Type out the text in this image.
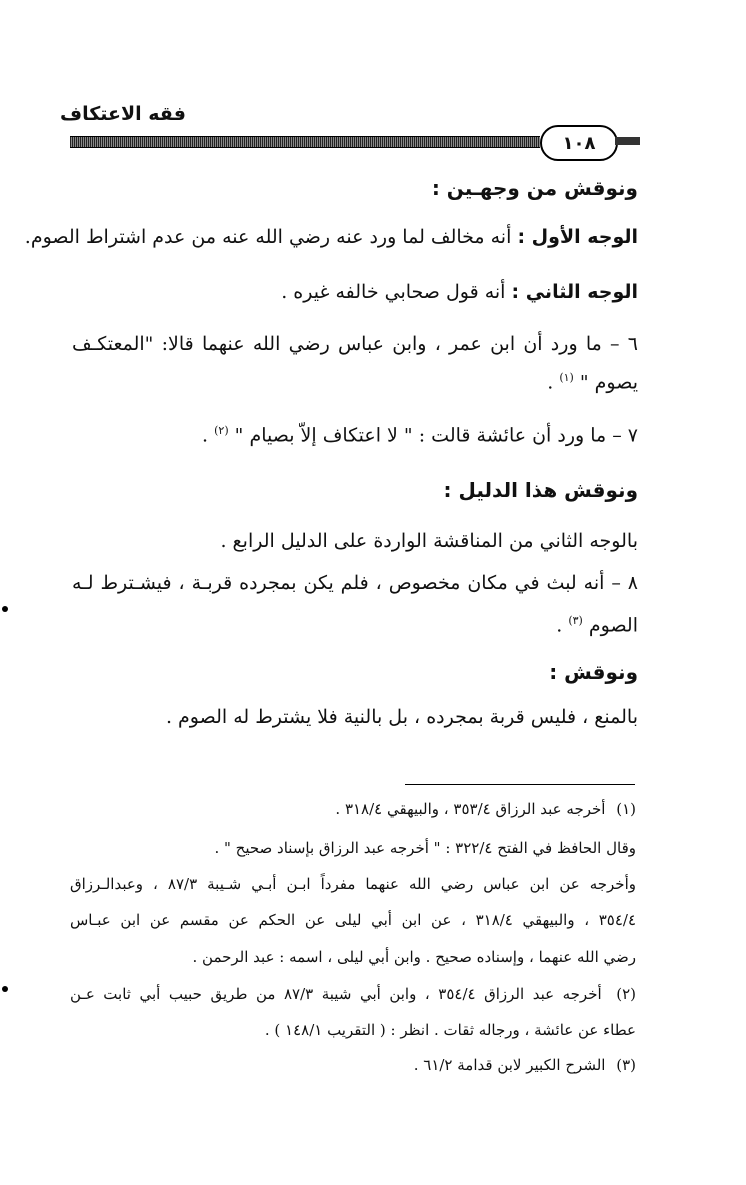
فقه الاعتكاف
١٠٨
ونوقش من وجهـين :
الوجه الأول : أنه مخالف لما ورد عنه رضي الله عنه من عدم اشتراط الصوم.
الوجه الثاني : أنه قول صحابي خالفه غيره .
٦ – ما ورد أن ابن عمر ، وابن عباس رضي الله عنهما قالا: "المعتكـف
يصوم " $^{(١)}$ .
٧ – ما ورد أن عائشة قالت : " لا اعتكاف إلاّ بصيام " $^{(٢)}$ .
ونوقش هذا الدليل :
بالوجه الثاني من المناقشة الواردة على الدليل الرابع .
٨ – أنه لبث في مكان مخصوص ، فلم يكن بمجرده قربـة ، فيشـترط لـه
الصوم $^{(٣)}$ .
ونوقش :
بالمنع ، فليس قربة بمجرده ، بل بالنية فلا يشترط له الصوم .
(١) أخرجه عبد الرزاق ٣٥٣/٤ ، والبيهقي ٣١٨/٤ .
وقال الحافظ في الفتح ٣٢٢/٤ : " أخرجه عبد الرزاق بإسناد صحيح " .
وأخرجه عن ابن عباس رضي الله عنهما مفرداً ابـن أبـي شـيبة ٨٧/٣ ، وعبدالـرزاق
٣٥٤/٤ ، والبيهقي ٣١٨/٤ ، عن ابن أبي ليلى عن الحكم عن مقسم عن ابن عبـاس
رضي الله عنهما ، وإسناده صحيح . وابن أبي ليلى ، اسمه : عبد الرحمن .
(٢) أخرجه عبد الرزاق ٣٥٤/٤ ، وابن أبي شيبة ٨٧/٣ من طريق حبيب أبي ثابت عـن
عطاء عن عائشة ، ورجاله ثقات . انظر : ( التقريب ١٤٨/١ ) .
(٣) الشرح الكبير لابن قدامة ٦١/٢ .
